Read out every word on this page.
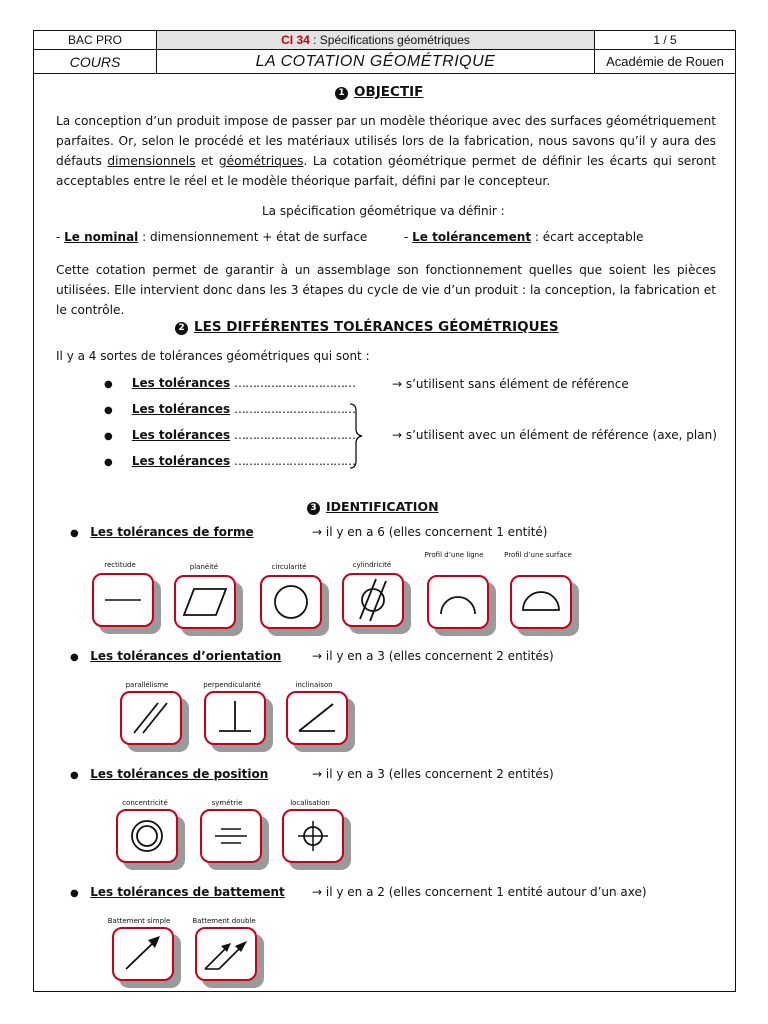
BAC PRO	CI 34 : Spécifications géométriques	1 / 5
COURS	LA COTATION GÉOMÉTRIQUE	Académie de Rouen
1 OBJECTIF
La conception d’un produit impose de passer par un modèle théorique avec des surfaces géométriquement parfaites. Or, selon le procédé et les matériaux utilisés lors de la fabrication, nous savons qu’il y aura des défauts dimensionnels et géométriques. La cotation géométrique permet de définir les écarts qui seront acceptables entre le réel et le modèle théorique parfait, défini par le concepteur.
La spécification géométrique va définir :
- Le nominal : dimensionnement + état de surface	- Le tolérancement : écart acceptable
Cette cotation permet de garantir à un assemblage son fonctionnement quelles que soient les pièces utilisées. Elle intervient donc dans les 3 étapes du cycle de vie d’un produit : la conception, la fabrication et le contrôle.
2 LES DIFFÉRENTES TOLÉRANCES GÉOMÉTRIQUES
Il y a 4 sortes de tolérances géométriques qui sont :
● Les tolérances ……………………………
● Les tolérances ……………………………
● Les tolérances ……………………………
● Les tolérances ……………………………
→ s’utilisent sans élément de référence
→ s’utilisent avec un élément de référence (axe, plan)
3 IDENTIFICATION
● Les tolérances de forme	→ il y en a 6 (elles concernent 1 entité)
rectitude	planéité	circularité	cylindricité
Profil d’une ligne	Profil d’une surface
● Les tolérances d’orientation	→ il y en a 3 (elles concernent 2 entités)
parallélisme	perpendicularité	inclinaison
● Les tolérances de position	→ il y en a 3 (elles concernent 2 entités)
concentricité	symétrie	localisation
● Les tolérances de battement → il y en a 2 (elles concernent 1 entité autour d’un axe)
Battement simple	Battement double
